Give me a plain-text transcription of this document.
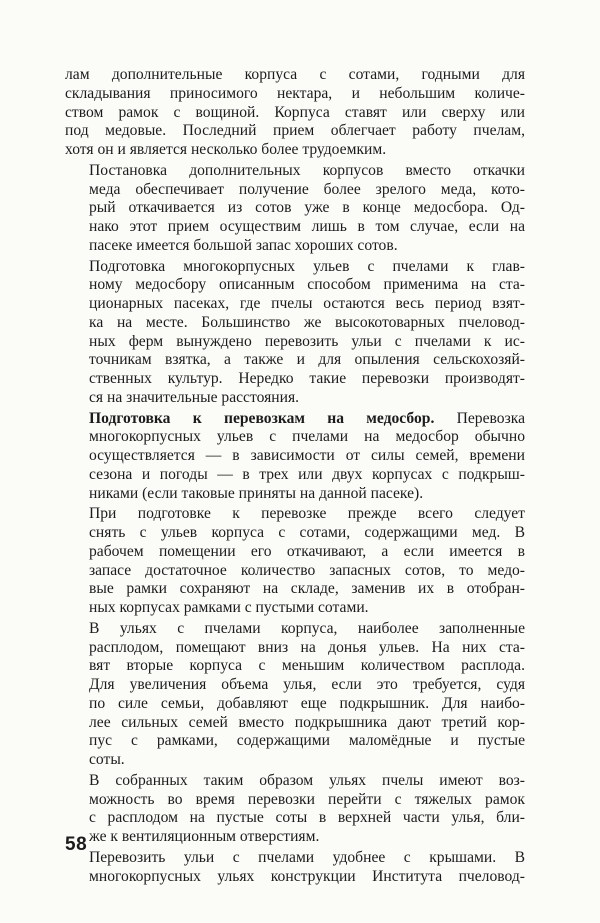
лам дополнительные корпуса с сотами, годными для
складывания приносимого нектара, и небольшим количе-
ством рамок с вощиной. Корпуса ставят или сверху или
под медовые. Последний прием облегчает работу пчелам,
хотя он и является несколько более трудоемким.

Постановка дополнительных корпусов вместо откачки
меда обеспечивает получение более зрелого меда, кото-
рый откачивается из сотов уже в конце медосбора. Од-
нако этот прием осуществим лишь в том случае, если на
пасеке имеется большой запас хороших сотов.

Подготовка многокорпусных ульев с пчелами к глав-
ному медосбору описанным способом применима на ста-
ционарных пасеках, где пчелы остаются весь период взят-
ка на месте. Большинство же высокотоварных пчеловод-
ных ферм вынуждено перевозить ульи с пчелами к ис-
точникам взятка, а также и для опыления сельскохозяй-
ственных культур. Нередко такие перевозки производят-
ся на значительные расстояния.

Подготовка к перевозкам на медосбор. Перевозка
многокорпусных ульев с пчелами на медосбор обычно
осуществляется — в зависимости от силы семей, времени
сезона и погоды — в трех или двух корпусах с подкрыш-
никами (если таковые приняты на данной пасеке).

При подготовке к перевозке прежде всего следует
снять с ульев корпуса с сотами, содержащими мед. В
рабочем помещении его откачивают, а если имеется в
запасе достаточное количество запасных сотов, то медо-
вые рамки сохраняют на складе, заменив их в отобран-
ных корпусах рамками с пустыми сотами.

В ульях с пчелами корпуса, наиболее заполненные
расплодом, помещают вниз на донья ульев. На них ста-
вят вторые корпуса с меньшим количеством расплода.
Для увеличения объема улья, если это требуется, судя
по силе семьи, добавляют еще подкрышник. Для наибо-
лее сильных семей вместо подкрышника дают третий кор-
пус с рамками, содержащими маломёдные и пустые
соты.

В собранных таким образом ульях пчелы имеют воз-
можность во время перевозки перейти с тяжелых рамок
с расплодом на пустые соты в верхней части улья, бли-
же к вентиляционным отверстиям.

Перевозить ульи с пчелами удобнее с крышами. В
многокорпусных ульях конструкции Института пчеловод-

58
